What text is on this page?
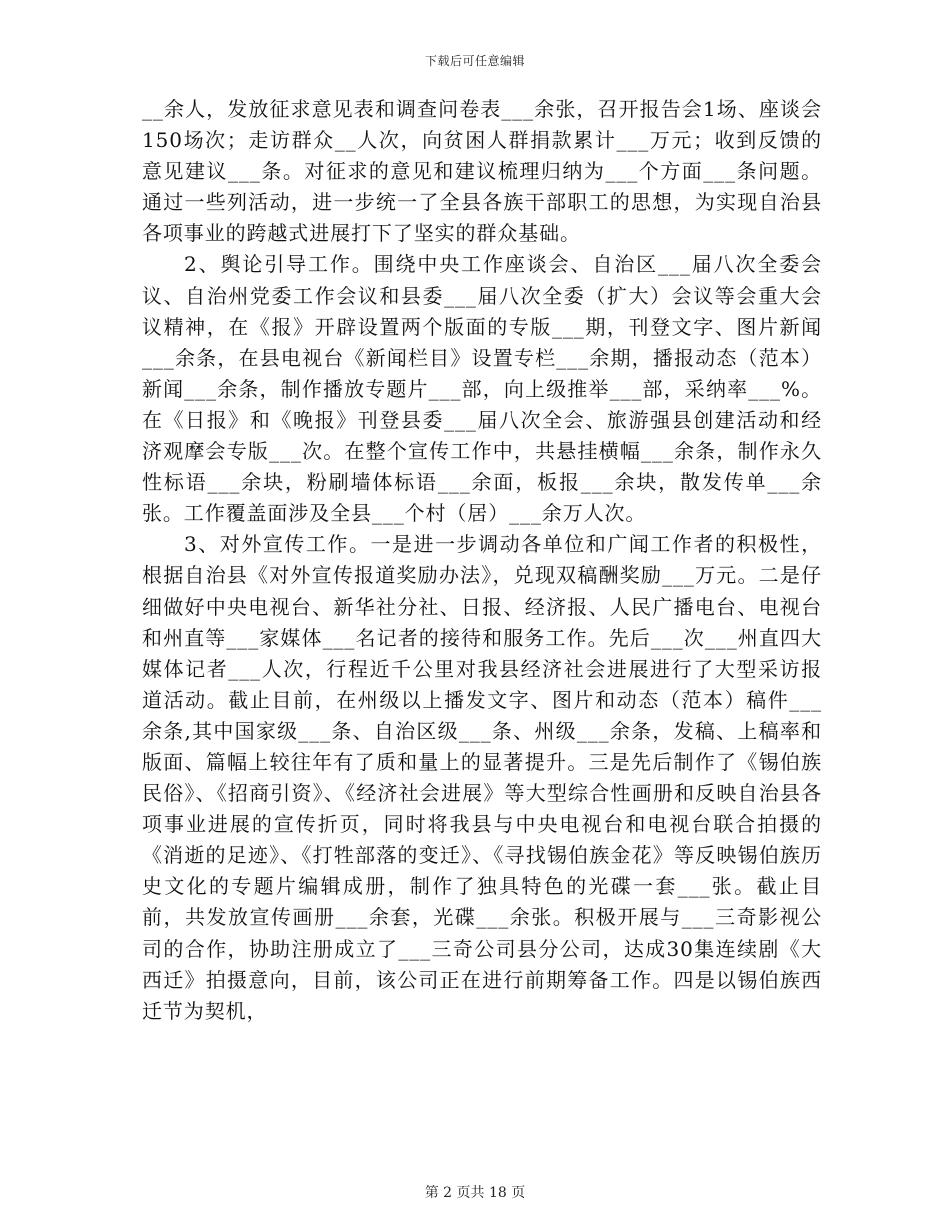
下载后可任意编辑

__余人，发放征求意见表和调查问卷表___余张，召开报告会1场、座谈会150场次；走访群众__人次，向贫困人群捐款累计___万元；收到反馈的意见建议___条。对征求的意见和建议梳理归纳为___个方面___条问题。通过一些列活动，进一步统一了全县各族干部职工的思想，为实现自治县各项事业的跨越式进展打下了坚实的群众基础。

2、舆论引导工作。围绕中央工作座谈会、自治区___届八次全委会议、自治州党委工作会议和县委___届八次全委（扩大）会议等会重大会议精神，在《报》开辟设置两个版面的专版___期，刊登文字、图片新闻___余条，在县电视台《新闻栏目》设置专栏___余期，播报动态（范本）新闻___余条，制作播放专题片___部，向上级推举___部，采纳率___%。在《日报》和《晚报》刊登县委___届八次全会、旅游强县创建活动和经济观摩会专版___次。在整个宣传工作中，共悬挂横幅___余条，制作永久性标语___余块，粉刷墙体标语___余面，板报___余块，散发传单___余张。工作覆盖面涉及全县___个村（居）___余万人次。

3、对外宣传工作。一是进一步调动各单位和广闻工作者的积极性，根据自治县《对外宣传报道奖励办法》，兑现双稿酬奖励___万元。二是仔细做好中央电视台、新华社分社、日报、经济报、人民广播电台、电视台和州直等___家媒体___名记者的接待和服务工作。先后___次___州直四大媒体记者___人次，行程近千公里对我县经济社会进展进行了大型采访报道活动。截止目前，在州级以上播发文字、图片和动态（范本）稿件___余条,其中国家级___条、自治区级___条、州级___余条，发稿、上稿率和版面、篇幅上较往年有了质和量上的显著提升。三是先后制作了《锡伯族民俗》、《招商引资》、《经济社会进展》等大型综合性画册和反映自治县各项事业进展的宣传折页，同时将我县与中央电视台和电视台联合拍摄的《消逝的足迹》、《打牲部落的变迁》、《寻找锡伯族金花》等反映锡伯族历史文化的专题片编辑成册，制作了独具特色的光碟一套___张。截止目前，共发放宣传画册___余套，光碟___余张。积极开展与___三奇影视公司的合作，协助注册成立了___三奇公司县分公司，达成30集连续剧《大西迁》拍摄意向，目前，该公司正在进行前期筹备工作。四是以锡伯族西迁节为契机，

第 2 页共 18 页
